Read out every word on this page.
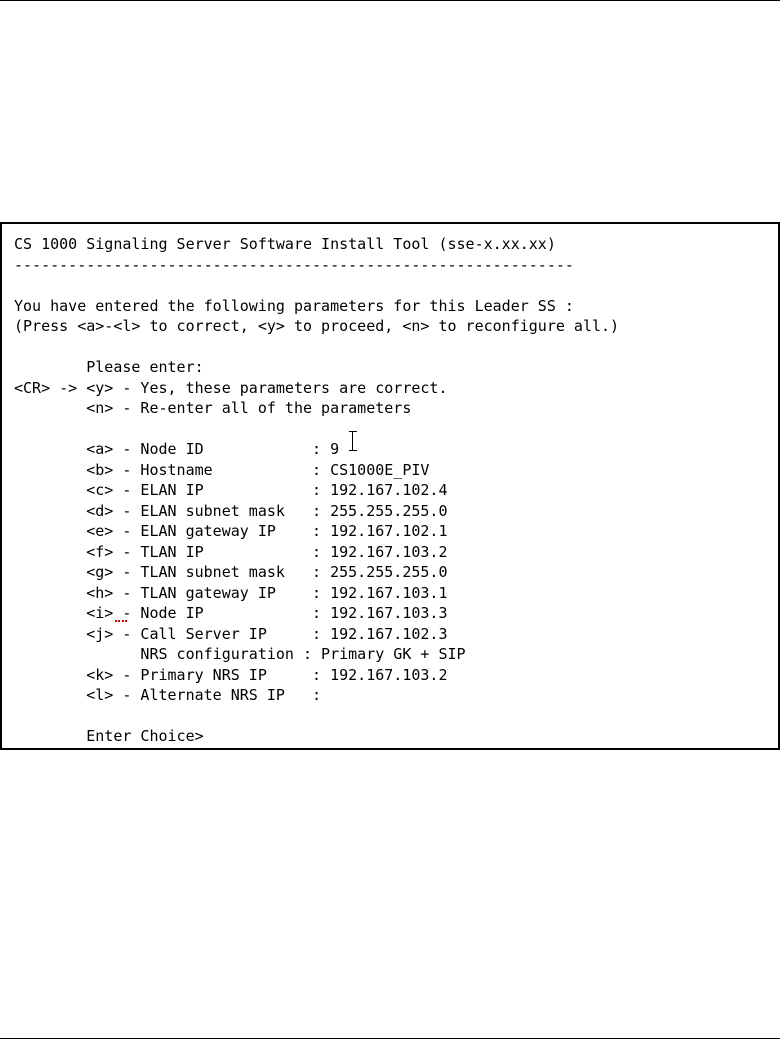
CS 1000 Signaling Server Software Install Tool (sse-x.xx.xx)
--------------------------------------------------------------
You have entered the following parameters for this Leader SS :
(Press <a>-<l> to correct, <y> to proceed, <n> to reconfigure all.)
Please enter:
<CR> -> <y> - Yes, these parameters are correct.
<n> - Re-enter all of the parameters
<a> - Node ID            : 9
<b> - Hostname           : CS1000E_PIV
<c> - ELAN IP            : 192.167.102.4
<d> - ELAN subnet mask   : 255.255.255.0
<e> - ELAN gateway IP    : 192.167.102.1
<f> - TLAN IP            : 192.167.103.2
<g> - TLAN subnet mask   : 255.255.255.0
<h> - TLAN gateway IP    : 192.167.103.1
<i> - Node IP            : 192.167.103.3
<j> - Call Server IP     : 192.167.102.3
NRS configuration : Primary GK + SIP
<k> - Primary NRS IP     : 192.167.103.2
<l> - Alternate NRS IP   :
Enter Choice>
